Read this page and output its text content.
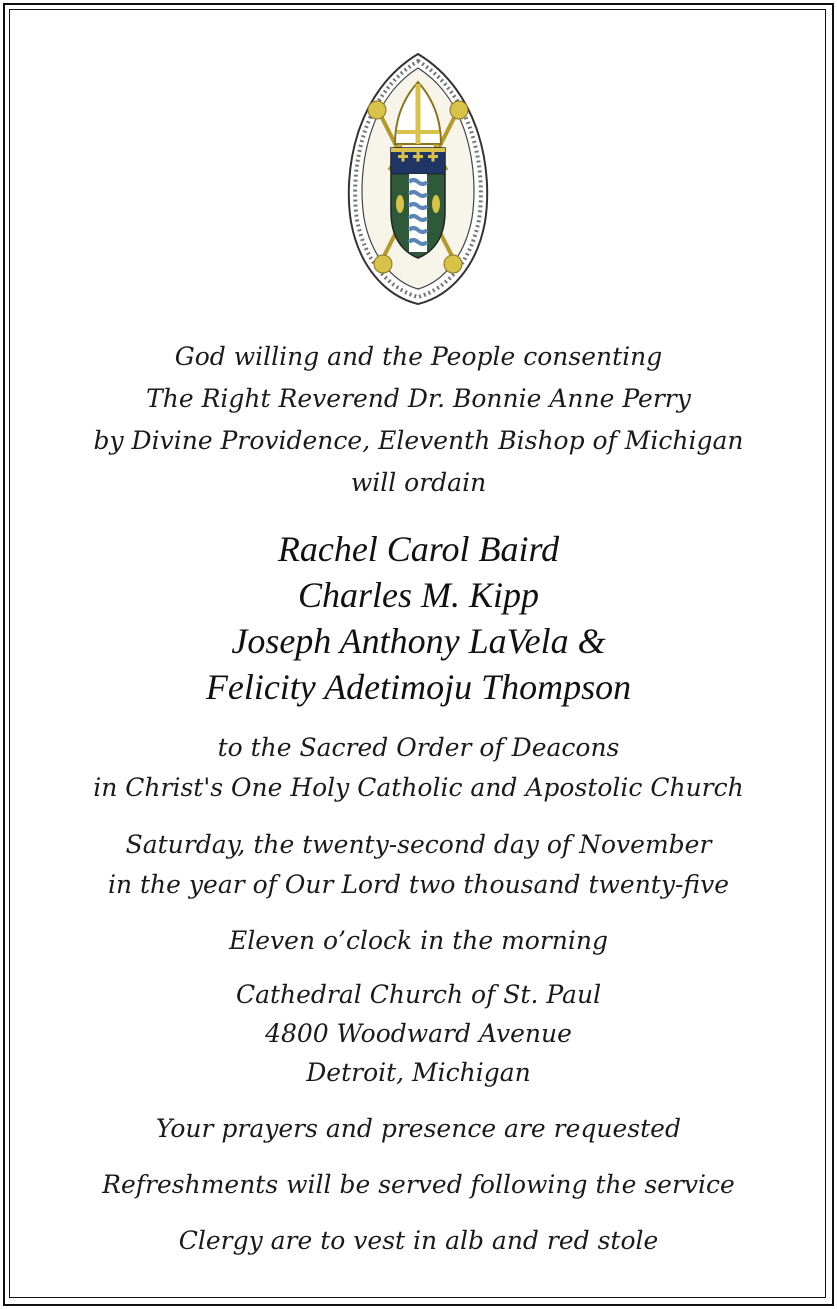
God willing and the People consenting
The Right Reverend Dr. Bonnie Anne Perry
by Divine Providence, Eleventh Bishop of Michigan
will ordain
Rachel Carol Baird
Charles M. Kipp
Joseph Anthony LaVela &
Felicity Adetimoju Thompson
to the Sacred Order of Deacons
in Christ's One Holy Catholic and Apostolic Church
Saturday, the twenty-second day of November
in the year of Our Lord two thousand twenty-five
Eleven o’clock in the morning
Cathedral Church of St. Paul
4800 Woodward Avenue
Detroit, Michigan
Your prayers and presence are requested
Refreshments will be served following the service
Clergy are to vest in alb and red stole
